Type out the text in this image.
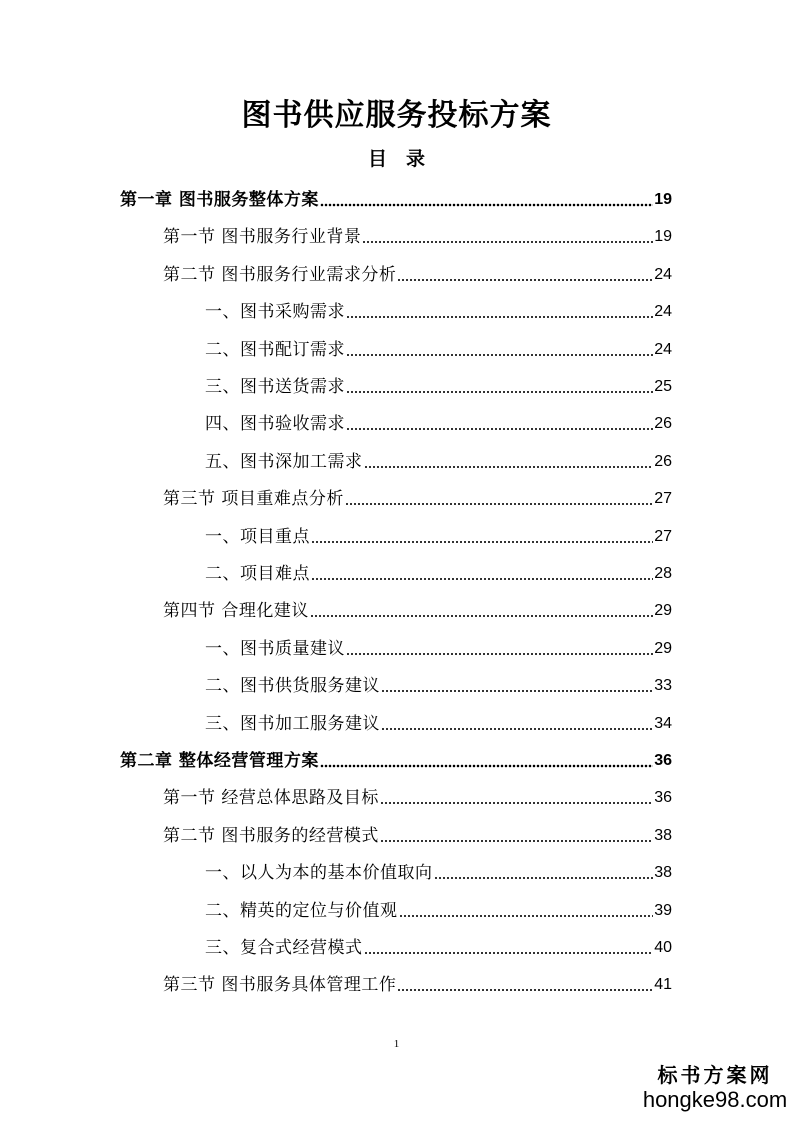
图书供应服务投标方案
目　录
第一章 图书服务整体方案	19
第一节 图书服务行业背景	19
第二节 图书服务行业需求分析	24
一、图书采购需求	24
二、图书配订需求	24
三、图书送货需求	25
四、图书验收需求	26
五、图书深加工需求	26
第三节 项目重难点分析	27
一、项目重点	27
二、项目难点	28
第四节 合理化建议	29
一、图书质量建议	29
二、图书供货服务建议	33
三、图书加工服务建议	34
第二章 整体经营管理方案	36
第一节 经营总体思路及目标	36
第二节 图书服务的经营模式	38
一、以人为本的基本价值取向	38
二、精英的定位与价值观	39
三、复合式经营模式	40
第三节 图书服务具体管理工作	41
1
标书方案网
hongke98.com
